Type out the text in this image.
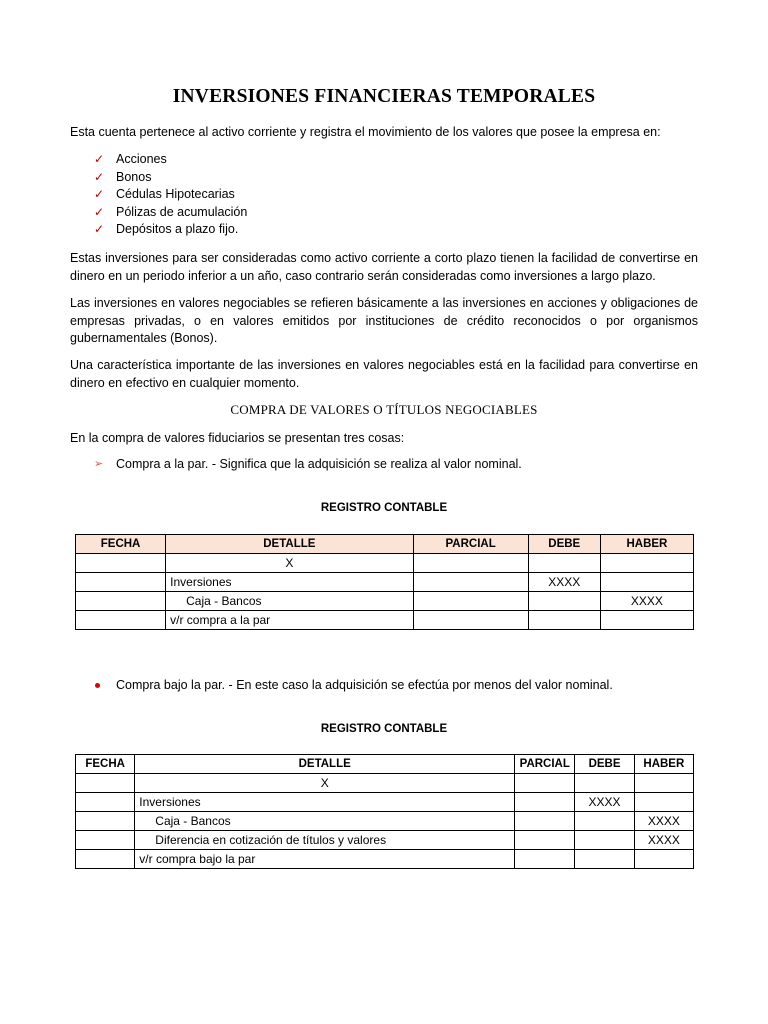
INVERSIONES FINANCIERAS TEMPORALES
Esta cuenta pertenece al activo corriente y registra el movimiento de los valores que posee la empresa en:
✓ Acciones
✓ Bonos
✓ Cédulas Hipotecarias
✓ Pólizas de acumulación
✓ Depósitos a plazo fijo.
Estas inversiones para ser consideradas como activo corriente a corto plazo tienen la facilidad de convertirse en dinero en un periodo inferior a un año, caso contrario serán consideradas como inversiones a largo plazo.
Las inversiones en valores negociables se refieren básicamente a las inversiones en acciones y obligaciones de empresas privadas, o en valores emitidos por instituciones de crédito reconocidos o por organismos gubernamentales (Bonos).
Una característica importante de las inversiones en valores negociables está en la facilidad para convertirse en dinero en efectivo en cualquier momento.
COMPRA DE VALORES O TÍTULOS NEGOCIABLES
En la compra de valores fiduciarios se presentan tres cosas:
➢	Compra a la par. - Significa que la adquisición se realiza al valor nominal.
REGISTRO CONTABLE
FECHA	DETALLE	PARCIAL	DEBE	HABER
	X			
	Inversiones		XXXX	
	Caja - Bancos			XXXX
	v/r compra a la par			
Compra bajo la par. - En este caso la adquisición se efectúa por menos del valor nominal.
REGISTRO CONTABLE
FECHA	DETALLE	PARCIAL	DEBE	HABER
	X			
	Inversiones		XXXX	
	Caja - Bancos			XXXX
	Diferencia en cotización de títulos y valores			XXXX
	v/r compra bajo la par			
